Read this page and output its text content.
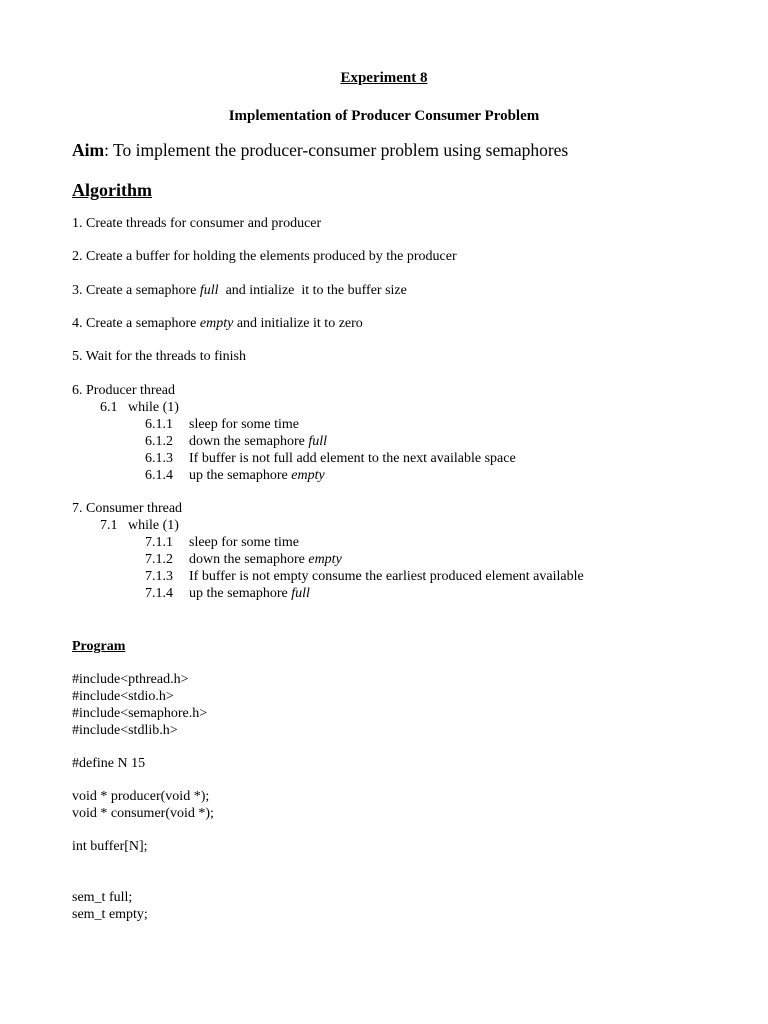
Experiment 8
Implementation of Producer Consumer Problem
Aim: To implement the producer-consumer problem using semaphores
Algorithm
1. Create threads for consumer and producer
2. Create a buffer for holding the elements produced by the producer
3. Create a semaphore full  and intialize  it to the buffer size
4. Create a semaphore empty and initialize it to zero
5. Wait for the threads to finish
6. Producer thread
6.1   while (1)
6.1.1 sleep for some time
6.1.2 down the semaphore full
6.1.3 If buffer is not full add element to the next available space
6.1.4 up the semaphore empty
7. Consumer thread
7.1   while (1)
7.1.1 sleep for some time
7.1.2 down the semaphore empty
7.1.3 If buffer is not empty consume the earliest produced element available
7.1.4 up the semaphore full
Program
#include<pthread.h>
#include<stdio.h>
#include<semaphore.h>
#include<stdlib.h>
#define N 15
void * producer(void *);
void * consumer(void *);
int buffer[N];
sem_t full;
sem_t empty;
